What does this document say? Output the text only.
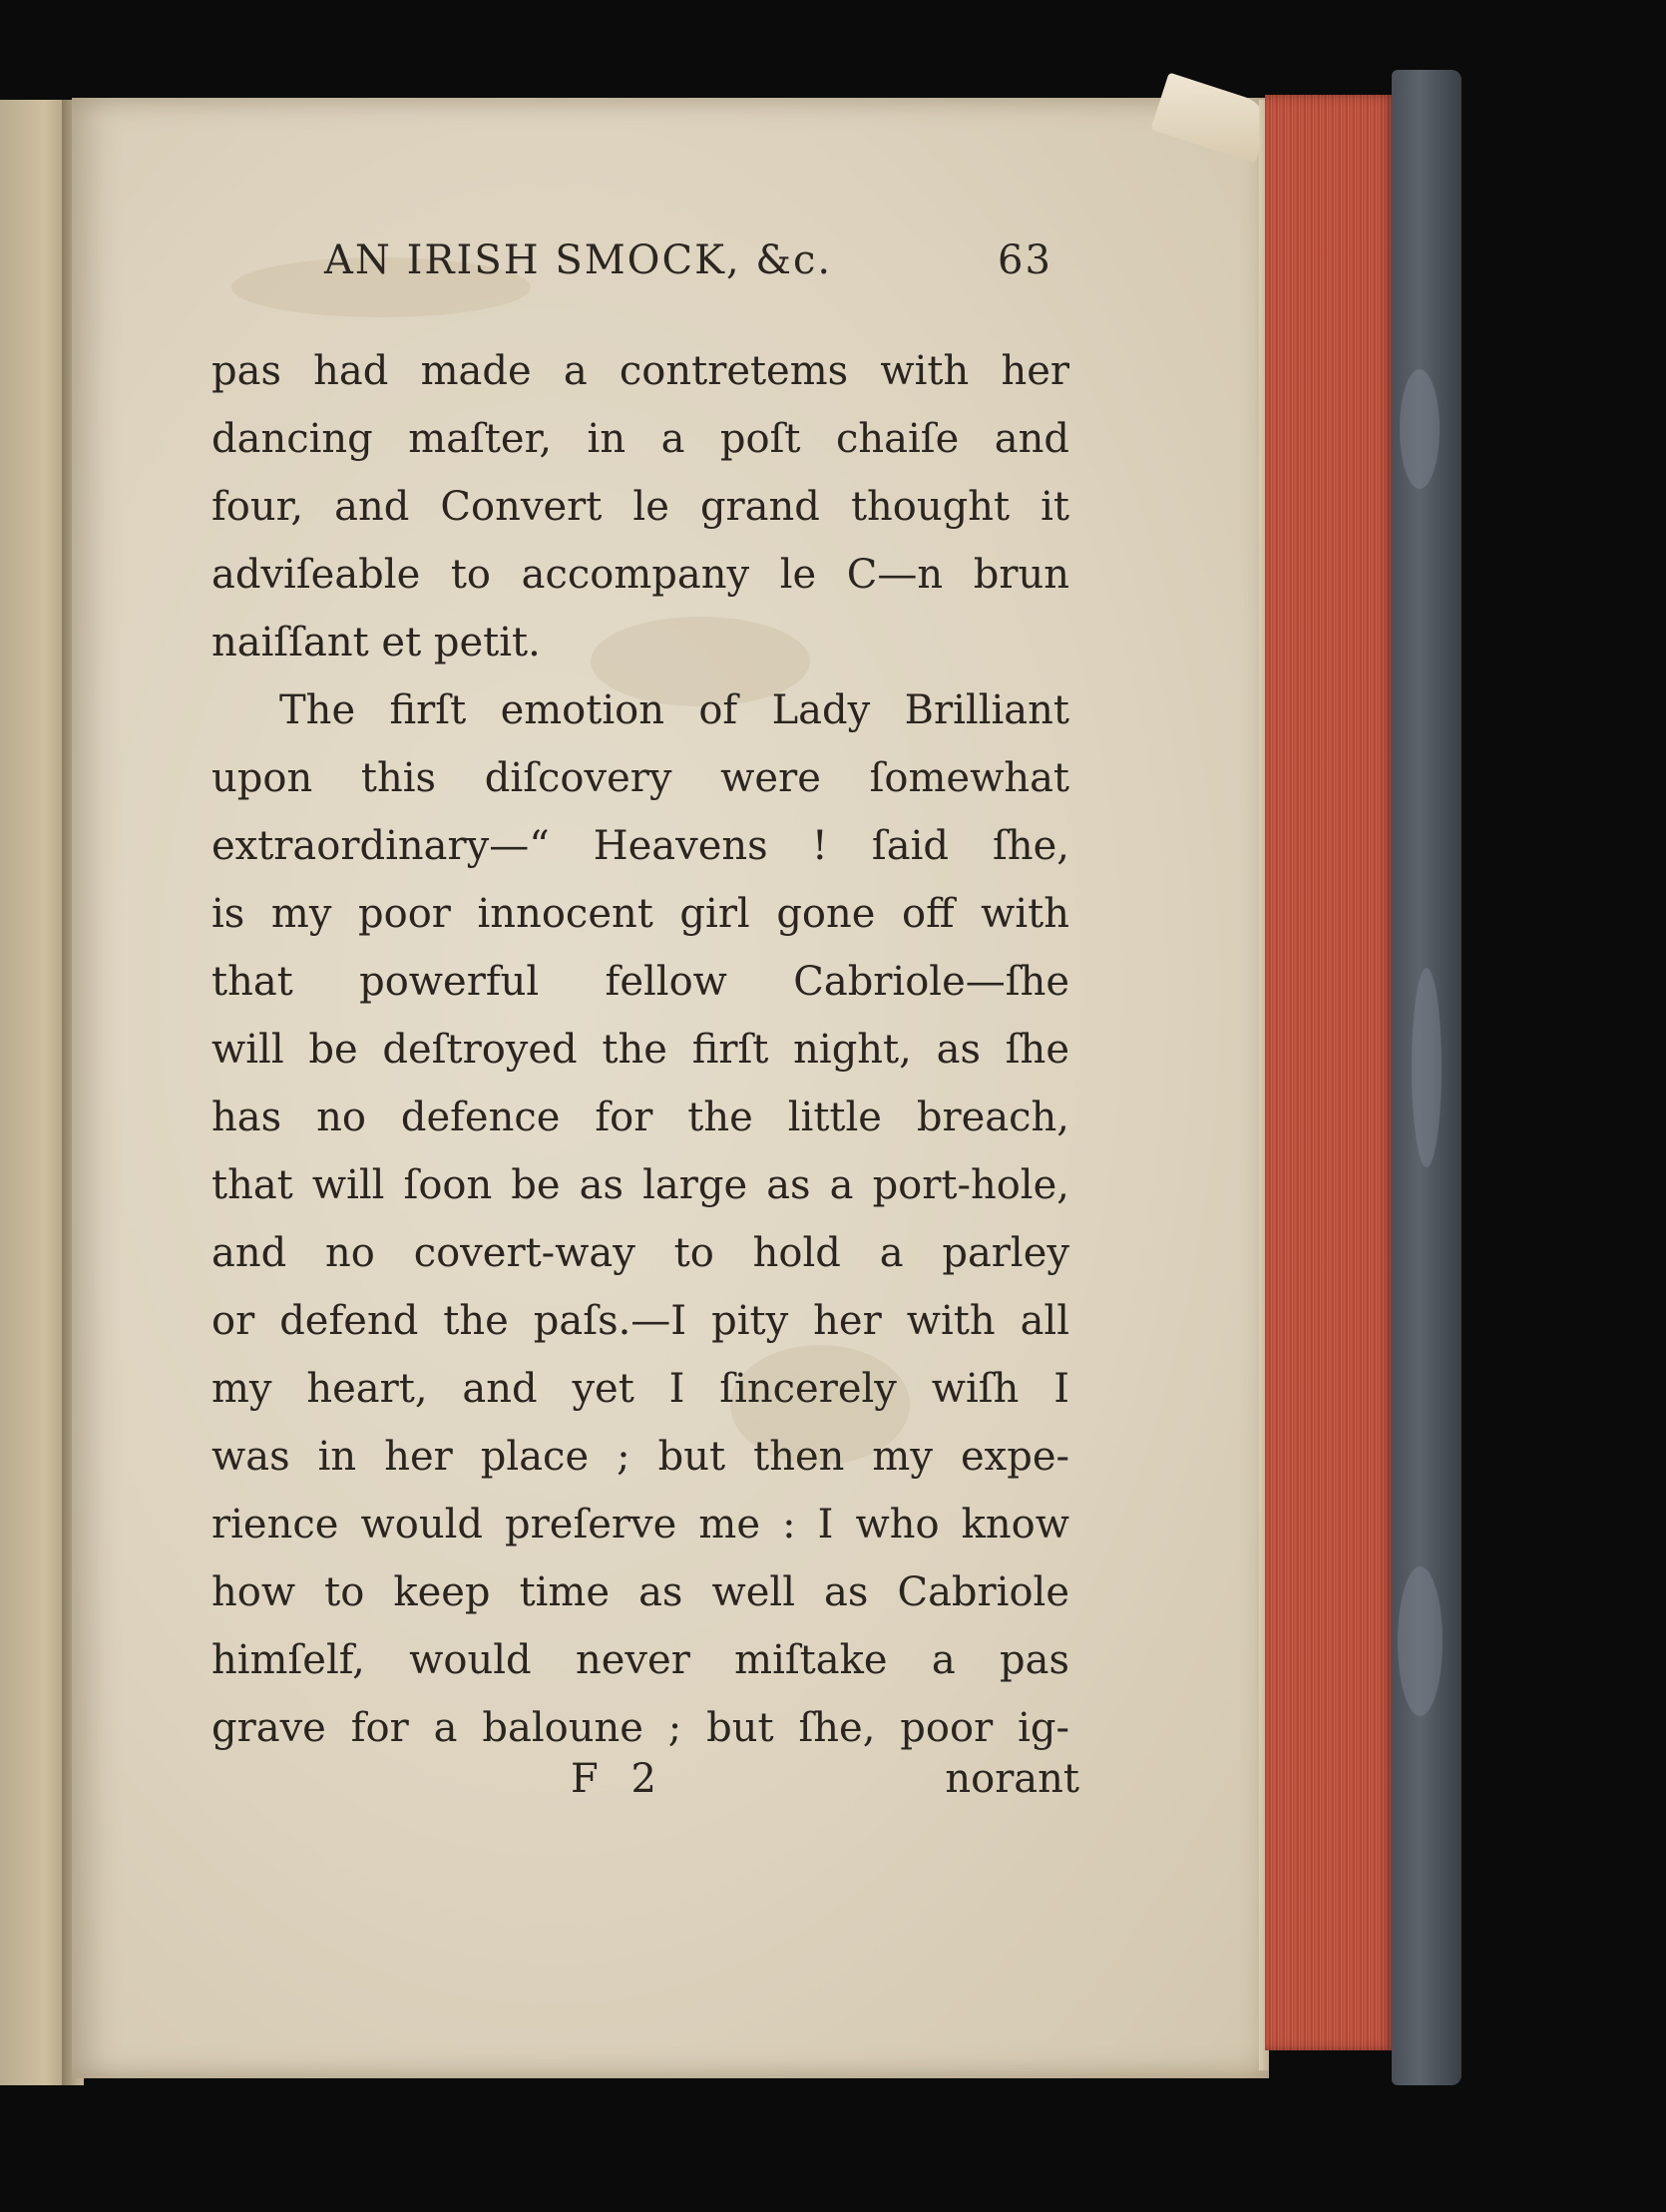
AN IRISH SMOCK, &c.	63
pas had made a contretems with her
dancing maſter, in a poſt chaiſe and
four, and Convert le grand thought it
adviſeable to accompany le C—n brun
naiſſant et petit.
The firſt emotion of Lady Brilliant
upon this diſcovery were ſomewhat
extraordinary—“ Heavens ! ſaid ſhe,
is my poor innocent girl gone off with
that powerful fellow Cabriole—ſhe
will be deſtroyed the firſt night, as ſhe
has no defence for the little breach,
that will ſoon be as large as a port-hole,
and no covert-way to hold a parley
or defend the paſs.—I pity her with all
my heart, and yet I ſincerely wiſh I
was in her place ; but then my expe-
rience would preſerve me : I who know
how to keep time as well as Cabriole
himſelf, would never miſtake a pas
grave for a baloune ; but ſhe, poor ig-
F 2	norant
